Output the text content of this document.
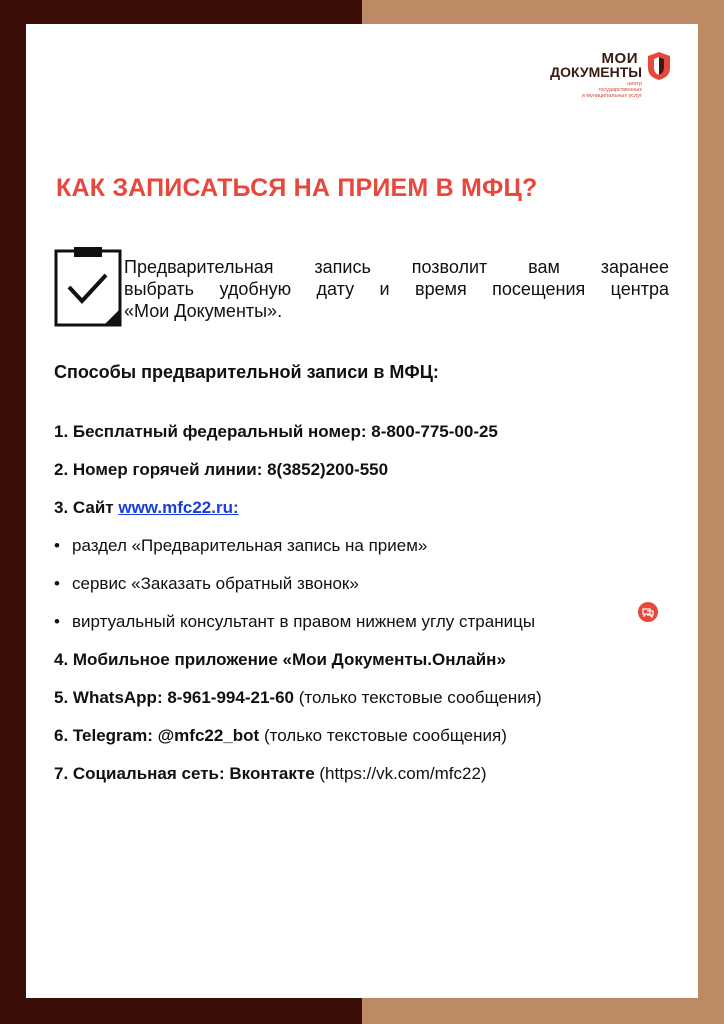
МОИ
ДОКУМЕНТЫ
центр
государственных
и муниципальных услуг
КАК ЗАПИСАТЬСЯ НА ПРИЕМ В МФЦ?
Предварительная запись позволит вам заранее
выбрать удобную дату и время посещения центра
«Мои Документы».
Способы предварительной записи в МФЦ:
1. Бесплатный федеральный номер: 8-800-775-00-25
2. Номер горячей линии: 8(3852)200-550
3. Сайт www.mfc22.ru:
• раздел «Предварительная запись на прием»
• сервис «Заказать обратный звонок»
• виртуальный консультант в правом нижнем углу страницы
4. Мобильное приложение «Мои Документы.Онлайн»
5. WhatsApp: 8-961-994-21-60 (только текстовые сообщения)
6. Telegram: @mfc22_bot (только текстовые сообщения)
7. Социальная сеть: Вконтакте (https://vk.com/mfc22)
